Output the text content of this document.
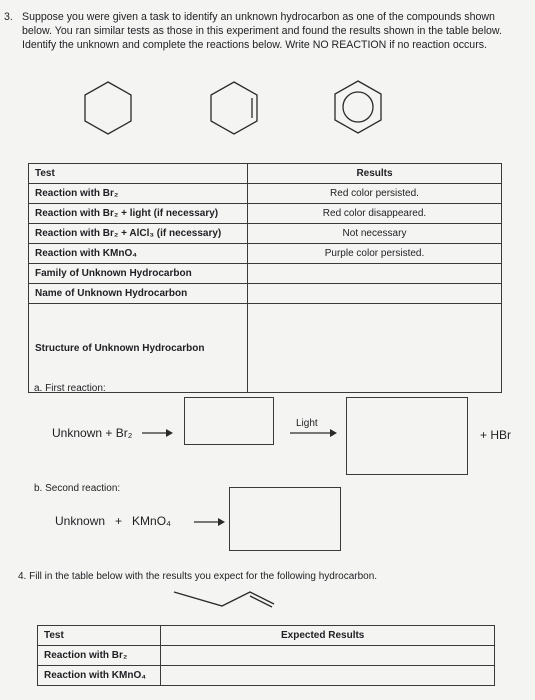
3. Suppose you were given a task to identify an unknown hydrocarbon as one of the compounds shown below. You ran similar tests as those in this experiment and found the results shown in the table below. Identify the unknown and complete the reactions below. Write NO REACTION if no reaction occurs.
Test	Results
Reaction with Br₂	Red color persisted.
Reaction with Br₂ + light (if necessary)	Red color disappeared.
Reaction with Br₂ + AlCl₃ (if necessary)	Not necessary
Reaction with KMnO₄	Purple color persisted.
Family of Unknown Hydrocarbon	
Name of Unknown Hydrocarbon	
Structure of Unknown Hydrocarbon	
a. First reaction:
Unknown + Br₂
Light
+ HBr
b. Second reaction:
Unknown   +   KMnO₄
4. Fill in the table below with the results you expect for the following hydrocarbon.
Test	Expected Results
Reaction with Br₂	
Reaction with KMnO₄	
